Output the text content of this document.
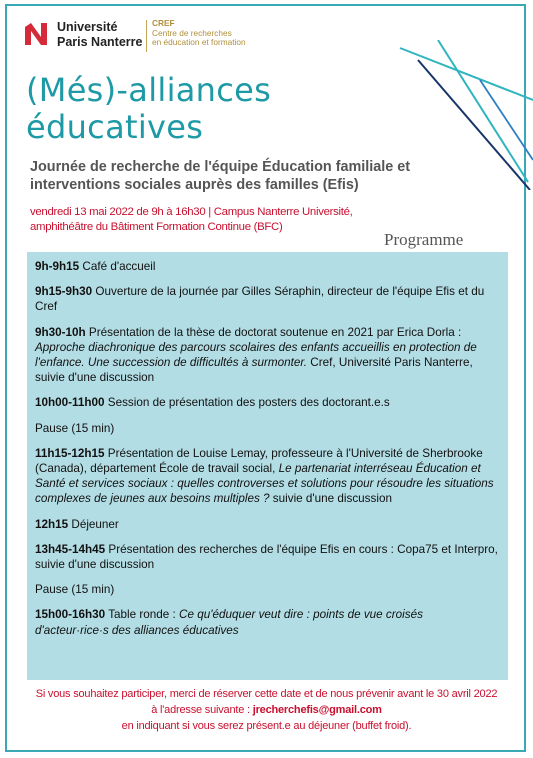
Université
Paris Nanterre
CREF
Centre de recherches
en éducation et formation
(Més)-alliances
éducatives
Journée de recherche de l'équipe Éducation familiale et
interventions sociales auprès des familles (Efis)
vendredi 13 mai 2022 de 9h à 16h30 | Campus Nanterre Université,
amphithéâtre du Bâtiment Formation Continue (BFC)
Programme
9h-9h15 Café d'accueil
9h15-9h30 Ouverture de la journée par Gilles Séraphin, directeur de l'équipe Efis et du Cref
9h30-10h Présentation de la thèse de doctorat soutenue en 2021 par Erica Dorla : Approche diachronique des parcours scolaires des enfants accueillis en protection de l'enfance. Une succession de difficultés à surmonter. Cref, Université Paris Nanterre, suivie d'une discussion
10h00-11h00 Session de présentation des posters des doctorant.e.s
Pause (15 min)
11h15-12h15 Présentation de Louise Lemay, professeure à l'Université de Sherbrooke (Canada), département École de travail social, Le partenariat interréseau Éducation et Santé et services sociaux : quelles controverses et solutions pour résoudre les situations complexes de jeunes aux besoins multiples ? suivie d'une discussion
12h15 Déjeuner
13h45-14h45 Présentation des recherches de l'équipe Efis en cours : Copa75 et Interpro, suivie d'une discussion
Pause (15 min)
15h00-16h30 Table ronde : Ce qu'éduquer veut dire : points de vue croisés d'acteur·rice·s des alliances éducatives
Si vous souhaitez participer, merci de réserver cette date et de nous prévenir avant le 30 avril 2022
à l'adresse suivante : jrecherchefis@gmail.com
en indiquant si vous serez présent.e au déjeuner (buffet froid).
